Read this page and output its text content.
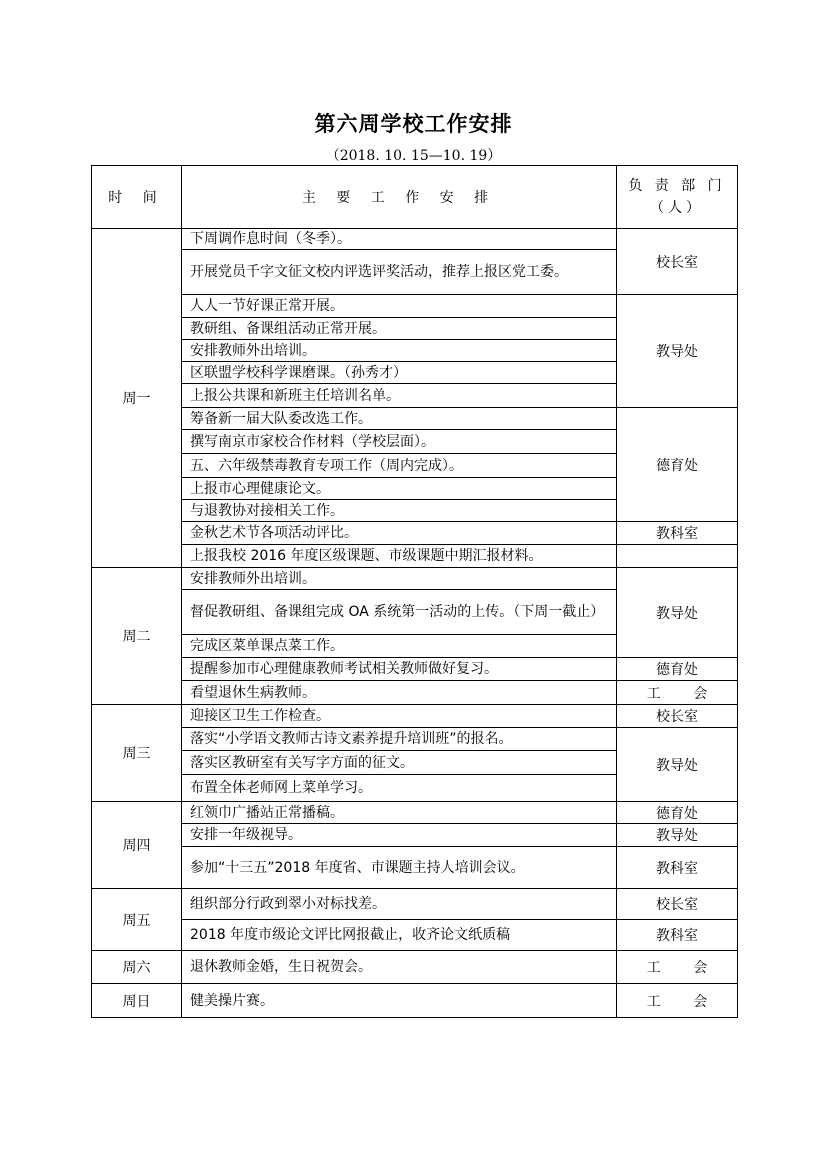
第六周学校工作安排
（2018. 10. 15—10. 19）
时 间	主 要 工 作 安 排	负 责 部 门
（人）
周一	下周调作息时间（冬季）。	校长室
	开展党员千字文征文校内评选评奖活动，推荐上报区党工委。	
	人人一节好课正常开展。	教导处
	教研组、备课组活动正常开展。	
	安排教师外出培训。	
	区联盟学校科学课磨课。（孙秀才）	
	上报公共课和新班主任培训名单。	
	筹备新一届大队委改选工作。	德育处
	撰写南京市家校合作材料（学校层面）。	
	五、六年级禁毒教育专项工作（周内完成）。	
	上报市心理健康论文。	
	与退教协对接相关工作。	
	金秋艺术节各项活动评比。	教科室
	上报我校 2016 年度区级课题、市级课题中期汇报材料。	
周二	安排教师外出培训。	教导处
	督促教研组、备课组完成 OA 系统第一活动的上传。（下周一截止）	
	完成区菜单课点菜工作。	
	提醒参加市心理健康教师考试相关教师做好复习。	德育处
	看望退休生病教师。	工 会
周三	迎接区卫生工作检查。	校长室
	落实“小学语文教师古诗文素养提升培训班”的报名。	教导处
	落实区教研室有关写字方面的征文。	
	布置全体老师网上菜单学习。	
周四	红领巾广播站正常播稿。	德育处
	安排一年级视导。	教导处
	参加“十三五”2018 年度省、市课题主持人培训会议。	教科室
周五	组织部分行政到翠小对标找差。	校长室
	2018 年度市级论文评比网报截止，收齐论文纸质稿	教科室
周六	退休教师金婚，生日祝贺会。	工 会
周日	健美操片赛。	工 会
